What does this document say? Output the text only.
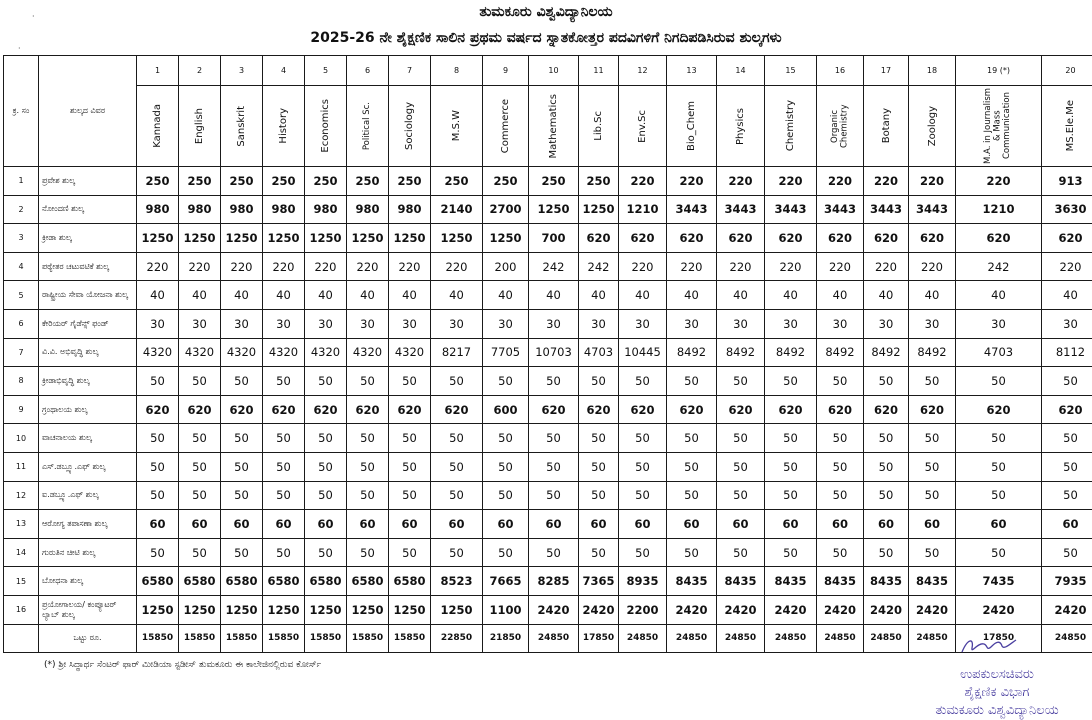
ತುಮಕೂರು ವಿಶ್ವವಿದ್ಯಾನಿಲಯ
2025-26 ನೇ ಶೈಕ್ಷಣಿಕ ಸಾಲಿನ ಪ್ರಥಮ ವರ್ಷದ ಸ್ನಾತಕೋತ್ತರ ಪದವಿಗಳಿಗೆ ನಿಗದಿಪಡಿಸಿರುವ ಶುಲ್ಕಗಳು
·
·
ಕ್ರ. ಸಂ	ಶುಲ್ಕದ ವಿವರ	1	2	3	4	5	6	7	8	9	10	11	12	13	14	15	16	17	18	19 (*)	20

		Kannada	English	Sanskrit	History	Economics	Political Sc.	Sociology	M.S.W	Commerce	Mathematics	Lib.Sc	Env.Sc	Bio_Chem	Physics	Chemistry	Organic Chemistry	Botany	Zoology	M.A. in Journalism & Mass Communication	MS.Ele.Me

1	ಪ್ರವೇಶ ಶುಲ್ಕ	250	250	250	250	250	250	250	250	250	250	250	220	220	220	220	220	220	220	220	913
2	ನೋಂದಣಿ ಶುಲ್ಕ	980	980	980	980	980	980	980	2140	2700	1250	1250	1210	3443	3443	3443	3443	3443	3443	1210	3630
3	ಕ್ರೀಡಾ ಶುಲ್ಕ	1250	1250	1250	1250	1250	1250	1250	1250	1250	700	620	620	620	620	620	620	620	620	620	620
4	ಪಠ್ಯೇತರ ಚಟುವಟಿಕೆ ಶುಲ್ಕ	220	220	220	220	220	220	220	220	200	242	242	220	220	220	220	220	220	220	242	220
5	ರಾಷ್ಟ್ರೀಯ ಸೇವಾ ಯೋಜನಾ ಶುಲ್ಕ	40	40	40	40	40	40	40	40	40	40	40	40	40	40	40	40	40	40	40	40
6	ಕೇರಿಯರ್ ಗೈಡೆನ್ಸ್ ಫಂಡ್	30	30	30	30	30	30	30	30	30	30	30	30	30	30	30	30	30	30	30	30
7	ವಿ.ವಿ. ಅಭಿವೃದ್ಧಿ ಶುಲ್ಕ	4320	4320	4320	4320	4320	4320	4320	8217	7705	10703	4703	10445	8492	8492	8492	8492	8492	8492	4703	8112
8	ಕ್ರೀಡಾಭಿವೃದ್ಧಿ ಶುಲ್ಕ	50	50	50	50	50	50	50	50	50	50	50	50	50	50	50	50	50	50	50	50
9	ಗ್ರಂಥಾಲಯ ಶುಲ್ಕ	620	620	620	620	620	620	620	620	600	620	620	620	620	620	620	620	620	620	620	620
10	ವಾಚನಾಲಯ ಶುಲ್ಕ	50	50	50	50	50	50	50	50	50	50	50	50	50	50	50	50	50	50	50	50
11	ಎಸ್.ಡಬ್ಲ್ಯೂ.ಎಫ್ ಶುಲ್ಕ	50	50	50	50	50	50	50	50	50	50	50	50	50	50	50	50	50	50	50	50
12	ಐ.ಡಬ್ಲ್ಯೂ.ಎಫ್ ಶುಲ್ಕ	50	50	50	50	50	50	50	50	50	50	50	50	50	50	50	50	50	50	50	50
13	ಆರೋಗ್ಯ ತಪಾಸಣಾ ಶುಲ್ಕ	60	60	60	60	60	60	60	60	60	60	60	60	60	60	60	60	60	60	60	60
14	ಗುರುತಿನ ಚೀಟಿ ಶುಲ್ಕ	50	50	50	50	50	50	50	50	50	50	50	50	50	50	50	50	50	50	50	50
15	ಬೋಧನಾ ಶುಲ್ಕ	6580	6580	6580	6580	6580	6580	6580	8523	7665	8285	7365	8935	8435	8435	8435	8435	8435	8435	7435	7935
16	ಪ್ರಯೋಗಾಲಯ/ ಕಂಪ್ಯೂಟರ್ ಲ್ಯಾಬ್ ಶುಲ್ಕ	1250	1250	1250	1250	1250	1250	1250	1250	1100	2420	2420	2200	2420	2420	2420	2420	2420	2420	2420	2420
	ಒಟ್ಟು ರೂ.	15850	15850	15850	15850	15850	15850	15850	22850	21850	24850	17850	24850	24850	24850	24850	24850	24850	24850	17850	24850
(*) ಶ್ರೀ ಸಿದ್ಧಾರ್ಥ ಸೆಂಟರ್ ಫಾರ್ ಮೀಡಿಯಾ ಸ್ಟಡೀಸ್ ತುಮಕೂರು ಈ ಕಾಲೇಜಿನಲ್ಲಿರುವ ಕೋರ್ಸ್
ಉಪಕುಲಸಚಿವರು
ಶೈಕ್ಷಣಿಕ ವಿಭಾಗ
ತುಮಕೂರು ವಿಶ್ವವಿದ್ಯಾನಿಲಯ
